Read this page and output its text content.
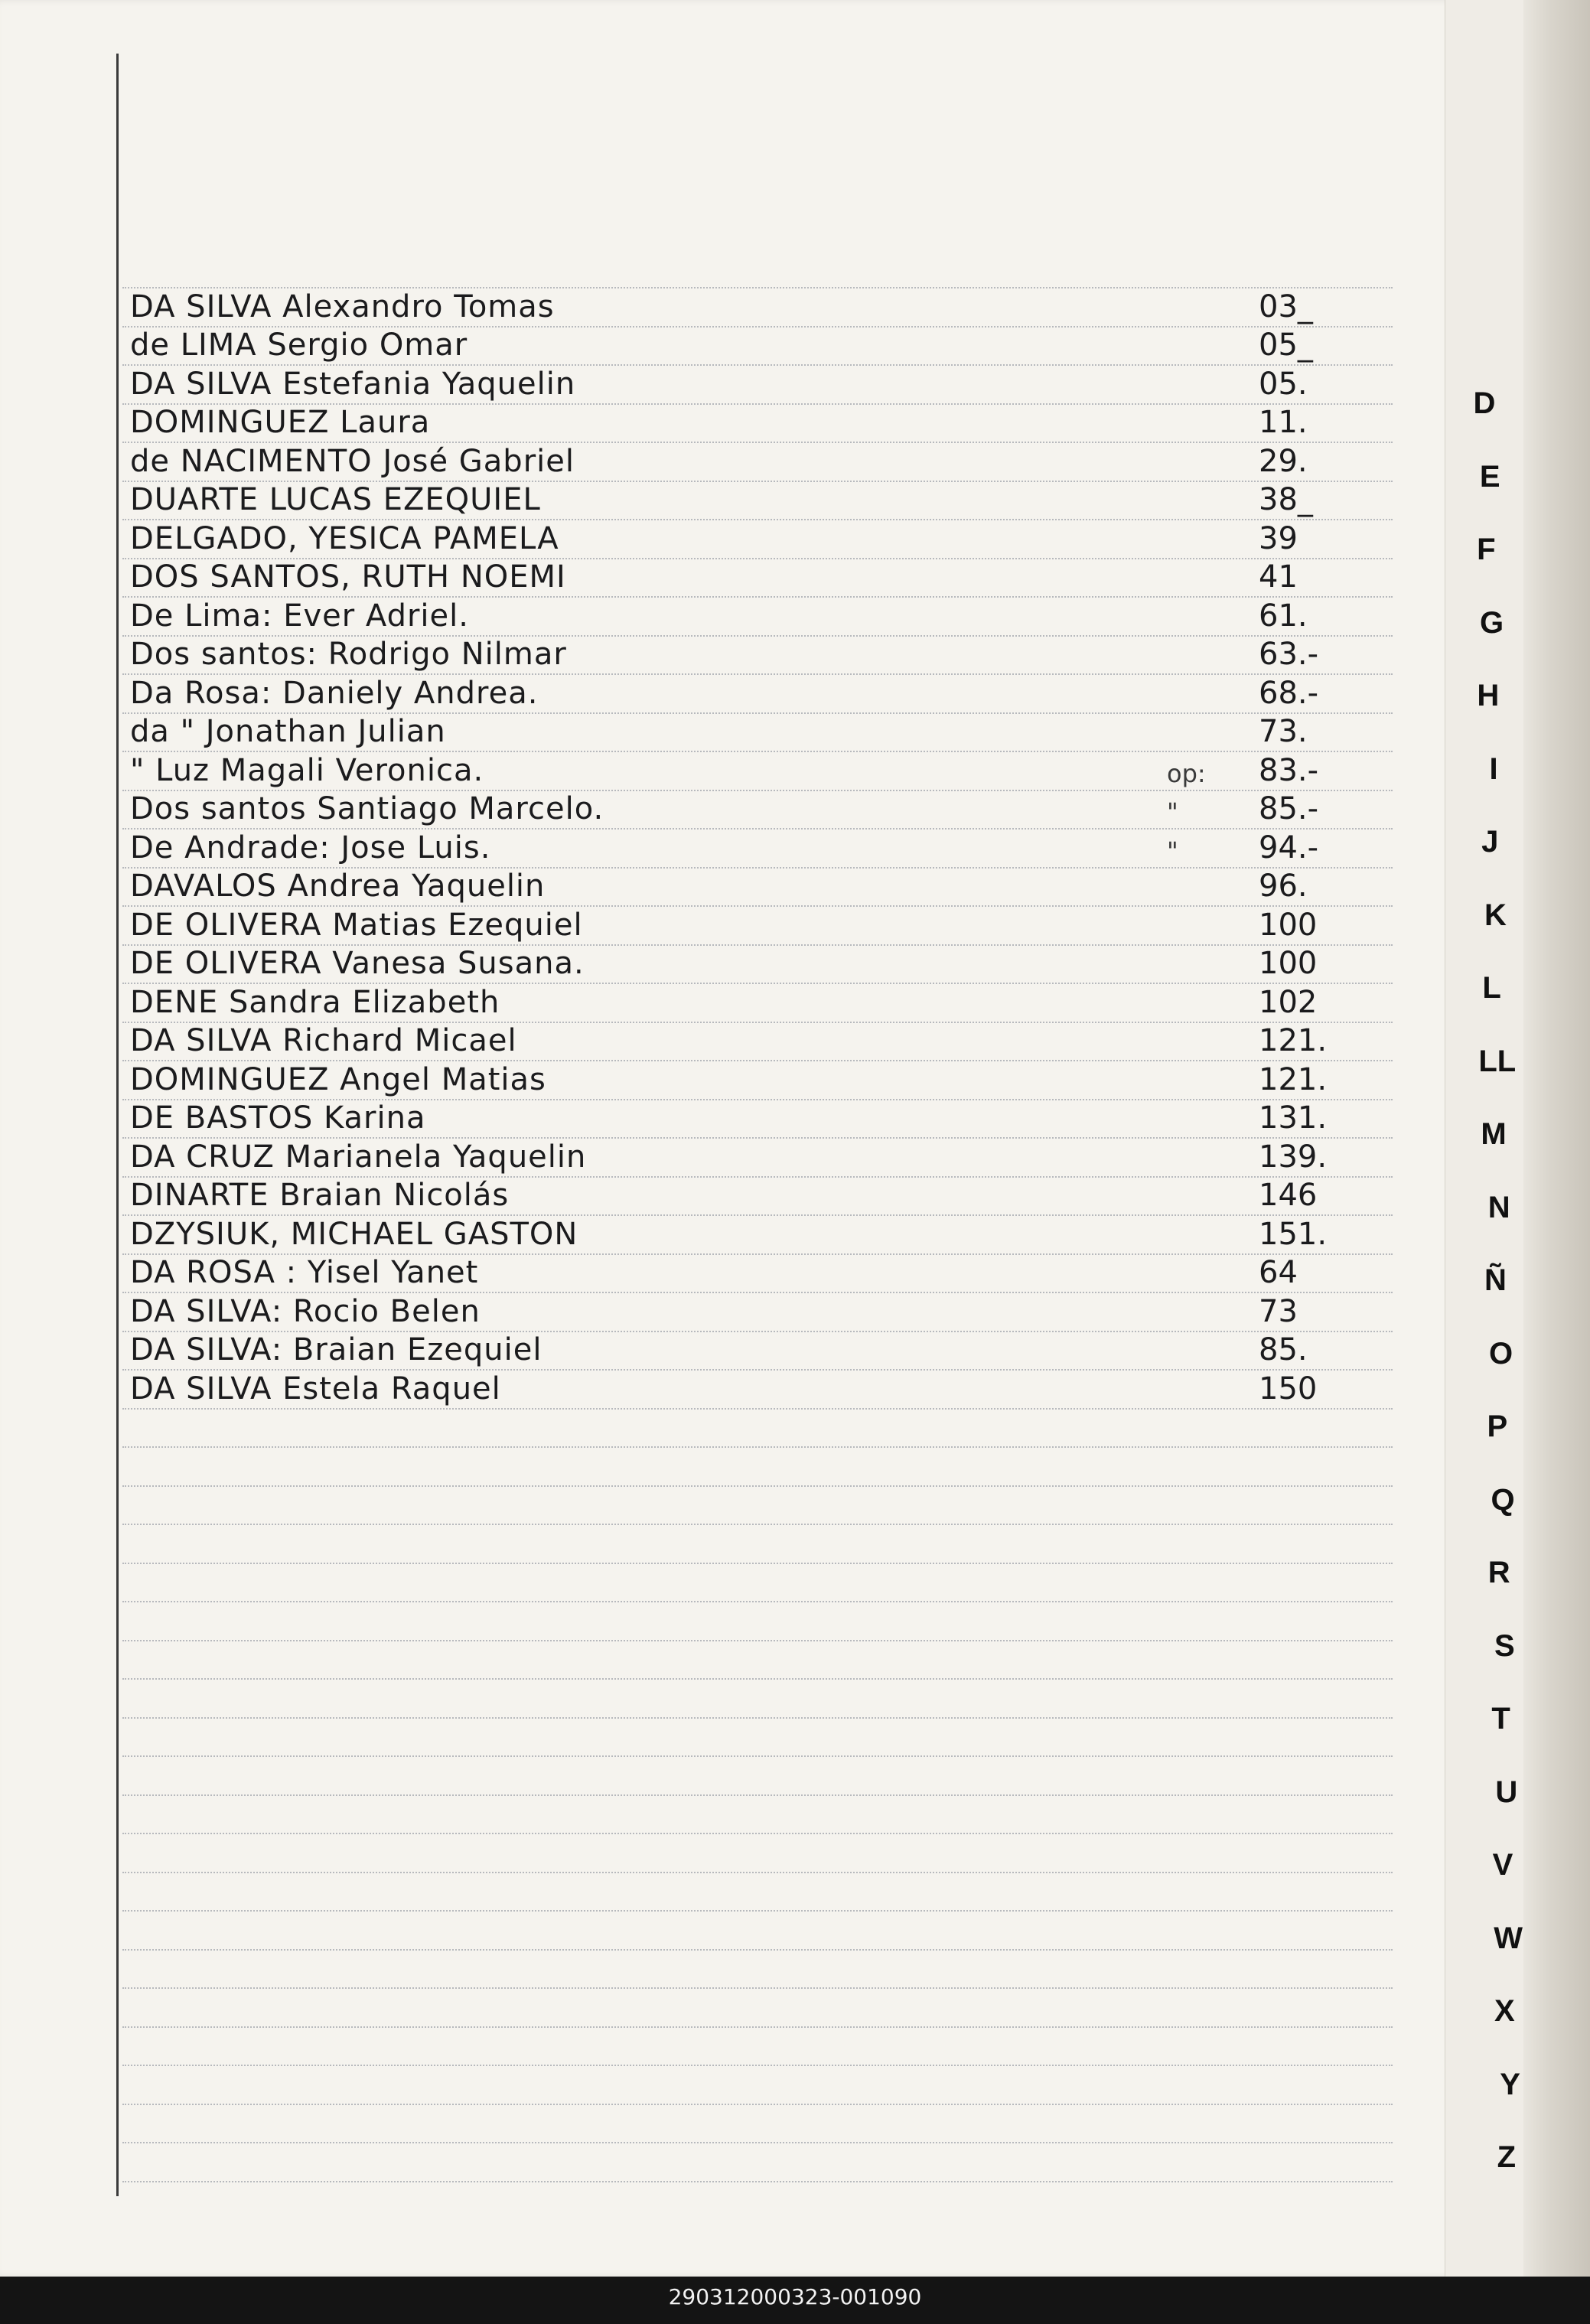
DA SILVA Alexandro Tomas	03_
de LIMA Sergio Omar	05_
DA SILVA Estefania Yaquelin	05.
DOMINGUEZ Laura	11.
de NACIMENTO José Gabriel	29.
DUARTE LUCAS EZEQUIEL	38_
DELGADO, YESICA PAMELA	39
DOS SANTOS, RUTH NOEMI	41
De Lima: Ever Adriel.	61.
Dos santos: Rodrigo Nilmar	63.-
Da Rosa: Daniely Andrea.	68.-
da " Jonathan Julian	73.
" Luz Magali Veronica.	op: 83.-
Dos santos Santiago Marcelo.	"	85.-
De Andrade: Jose Luis.	"	94.-
DAVALOS Andrea Yaquelin	96.
DE OLIVERA Matias Ezequiel	100
DE OLIVERA Vanesa Susana.	100
DENE Sandra Elizabeth	102
DA SILVA Richard Micael	121.
DOMINGUEZ Angel Matias	121.
DE BASTOS Karina	131.
DA CRUZ Marianela Yaquelin	139.
DINARTE Braian Nicolás	146
DZYSIUK, MICHAEL GASTON	151.
DA ROSA : Yisel Yanet	64
DA SILVA: Rocio Belen	73
DA SILVA: Braian Ezequiel	85.
DA SILVA Estela Raquel	150
D
E
F
G
H
I
J
K
L
LL
M
N
Ñ
O
P
Q
R
S
T
U
V
W
X
Y
Z
290312000323-001090
